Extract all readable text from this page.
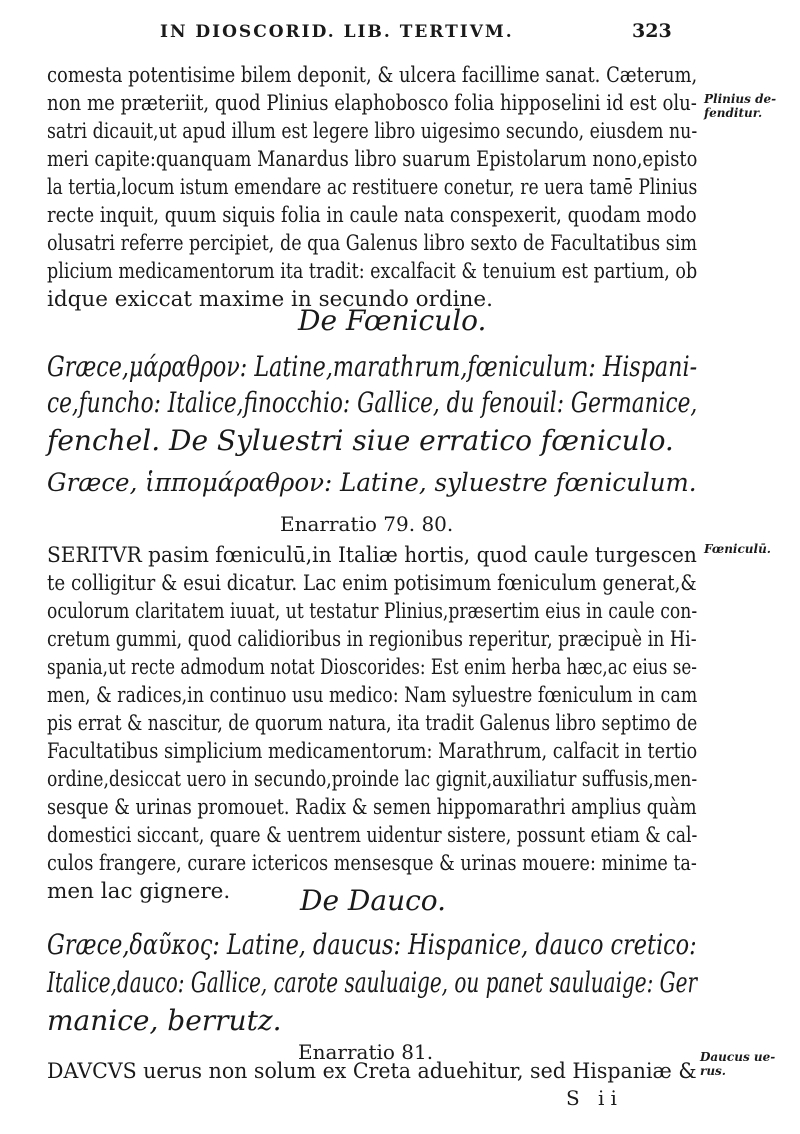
IN DIOSCORID. LIB. TERTIVM.	323
comesta potentisime bilem deponit, & ulcera facillime sanat. Cæterum,
non me præteriit, quod Plinius elaphobosco folia hipposelini id est olu-
satri dicauit,ut apud illum est legere libro uigesimo secundo, eiusdem nu-
meri capite:quanquam Manardus libro suarum Epistolarum nono,episto
la tertia,locum istum emendare ac restituere conetur, re uera tamē Plinius
recte inquit, quum siquis folia in caule nata conspexerit, quodam modo
olusatri referre percipiet, de qua Galenus libro sexto de Facultatibus sim
plicium medicamentorum ita tradit: excalfacit & tenuium est partium, ob
idque exiccat maxime in secundo ordine.
De Fœniculo.
Græce,μάραθρον: Latine,marathrum,fœniculum: Hispani-
ce,funcho: Italice,finocchio: Gallice, du fenouil: Germanice,
fenchel. De Syluestri siue erratico fœniculo.
Græce, ἱππομάραθρον: Latine, syluestre fœniculum.
Enarratio 79. 80.
SERITVR pasim fœniculū,in Italiæ hortis, quod caule turgescen
te colligitur & esui dicatur. Lac enim potisimum fœniculum generat,&
oculorum claritatem iuuat, ut testatur Plinius,præsertim eius in caule con-
cretum gummi, quod calidioribus in regionibus reperitur, præcipuè in Hi-
spania,ut recte admodum notat Dioscorides: Est enim herba hæc,ac eius se-
men, & radices,in continuo usu medico: Nam syluestre fœniculum in cam
pis errat & nascitur, de quorum natura, ita tradit Galenus libro septimo de
Facultatibus simplicium medicamentorum: Marathrum, calfacit in tertio
ordine,desiccat uero in secundo,proinde lac gignit,auxiliatur suffusis,men-
sesque & urinas promouet. Radix & semen hippomarathri amplius quàm
domestici siccant, quare & uentrem uidentur sistere, possunt etiam & cal-
culos frangere, curare ictericos mensesque & urinas mouere: minime ta-
men lac gignere. De Dauco.
Græce,δαῦκος: Latine, daucus: Hispanice, dauco cretico:
Italice,dauco: Gallice, carote sauluaige, ou panet sauluaige: Ger
manice, berrutz.
Enarratio 81.
DAVCVS uerus non solum ex Creta aduehitur, sed Hispaniæ &
S ii
Plinius de- fenditur.
Fœniculū.
Daucus ue- rus.
